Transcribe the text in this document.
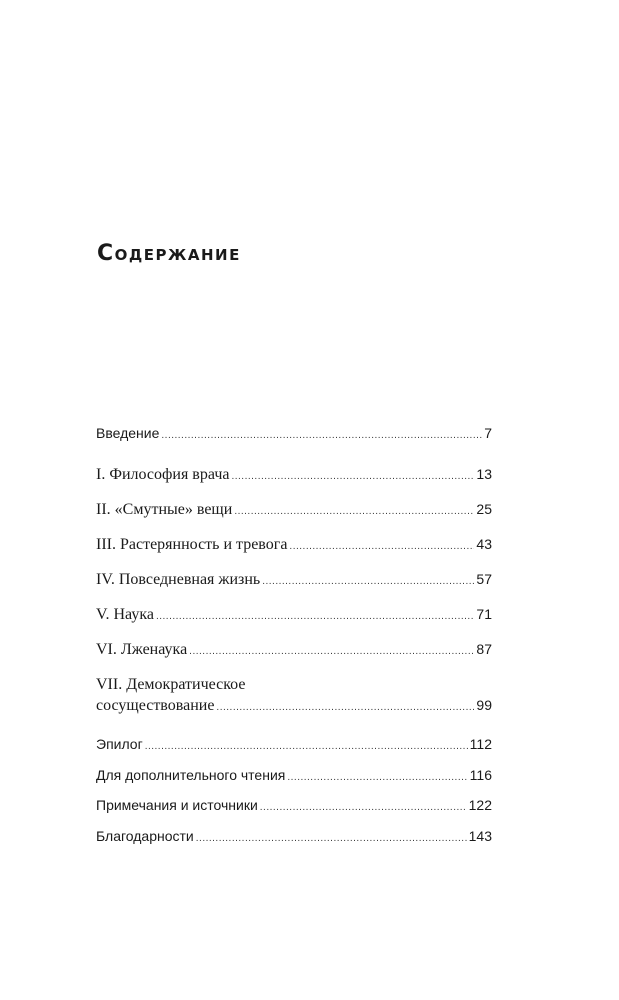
Содержание
Введение .....	7
I. Философия врача .....	13
II. «Смутные» вещи .....	25
III. Растерянность и тревога .....	43
IV. Повседневная жизнь .....	57
V. Наука .....	71
VI. Лженаука .....	87
VII. Демократическое
сосуществование .....	99
Эпилог .....	112
Для дополнительного чтения .....	116
Примечания и источники .....	122
Благодарности .....	143
